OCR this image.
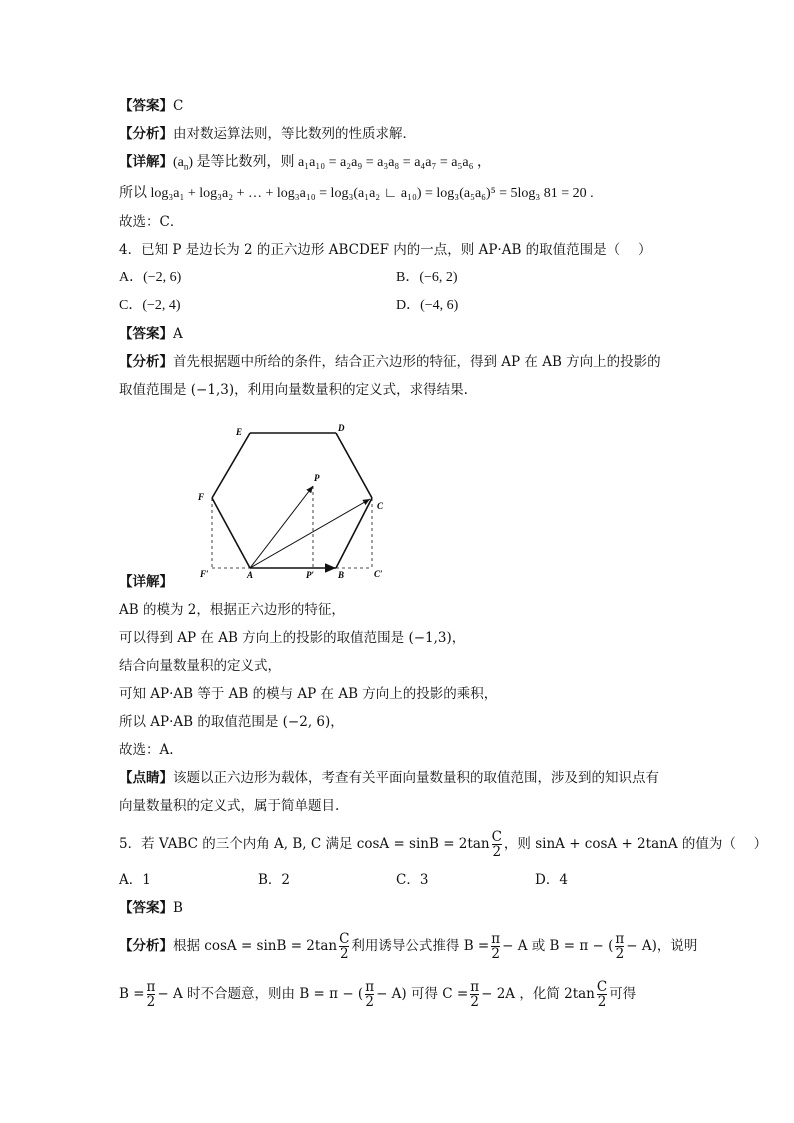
【答案】C
【分析】由对数运算法则，等比数列的性质求解．
【详解】$(a_n)$ 是等比数列，则 a₁a₁₀ = a₂a₉ = a₃a₈ = a₄a₇ = a₅a₆ ，
所以 log₃a₁ + log₃a₂ + … + log₃a₁₀ = log₃(a₁a₂ ∟ a₁₀) = log₃(a₅a₆)⁵ = 5log₃ 81 = 20 .
故选：C．
4．已知 P 是边长为 2 的正六边形 ABCDEF 内的一点，则 AP·AB 的取值范围是（　 ）
A．(−2, 6)	B．(−6, 2)
C．(−2, 4)	D．(−4, 6)
【答案】A
【分析】首先根据题中所给的条件，结合正六边形的特征，得到 AP 在 AB 方向上的投影的
取值范围是 (−1,3)，利用向量数量积的定义式，求得结果.
E	D
F
C
P
F′	A	P′	B	C′
【详解】
AB 的模为 2，根据正六边形的特征，
可以得到 AP 在 AB 方向上的投影的取值范围是 (−1,3)，
结合向量数量积的定义式，
可知 AP·AB 等于 AB 的模与 AP 在 AB 方向上的投影的乘积，
所以 AP·AB 的取值范围是 (−2, 6)，
故选：A.
【点睛】该题以正六边形为载体，考查有关平面向量数量积的取值范围，涉及到的知识点有
向量数量积的定义式，属于简单题目.
5．若 VABC 的三个内角 A, B, C 满足 $\cos A = \sin B = 2\tan \frac{C}{2}$ ，则 sinA + cosA + 2tanA 的值为（　 ）
A．1	B．2	C．3	D．4
【答案】B
【分析】根据 $\cos A = \sin B = 2\tan \frac{C}{2}$ 利用诱导公式推得 $B = \frac{\pi}{2} - A$ 或 B = π − ( $\frac{\pi}{2} - A$)，说明
$B = \frac{\pi}{2} - A$ 时不合题意，则由 B = π − ( $\frac{\pi}{2} - A$) 可得 $C = \frac{\pi}{2} - 2A$ ，化简 $2\tan \frac{C}{2}$ 可得
